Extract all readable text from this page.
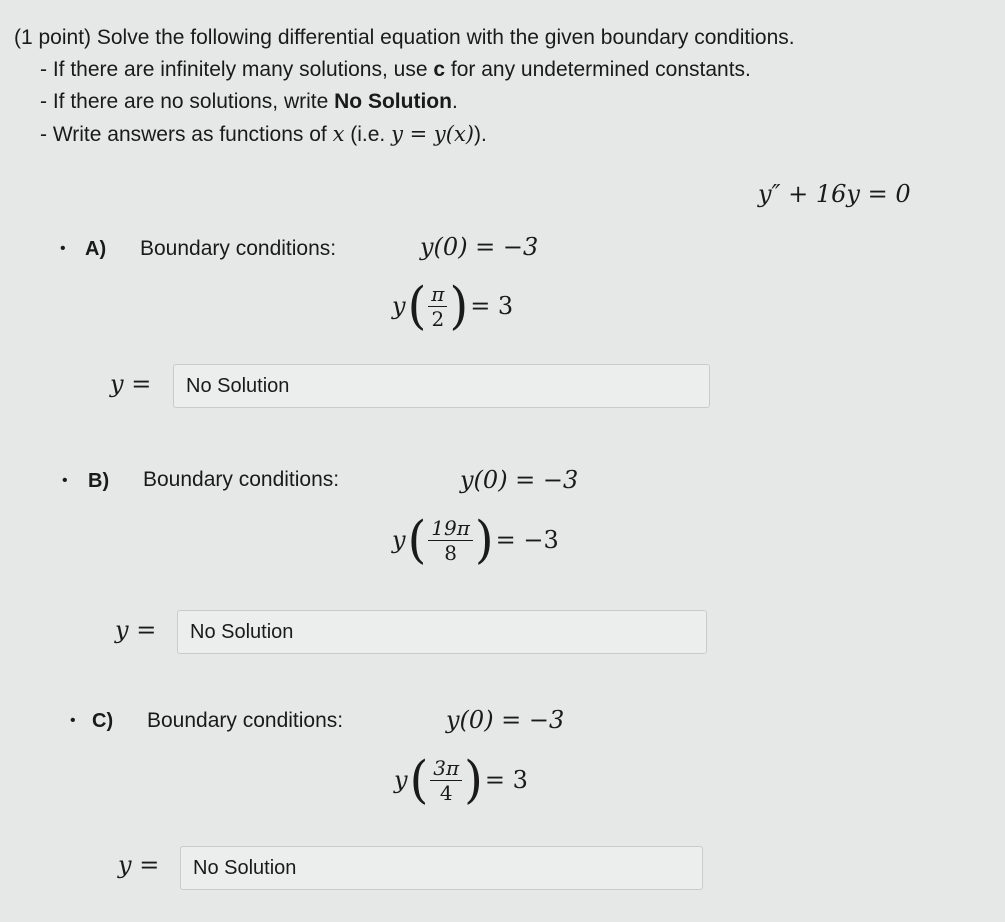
(1 point) Solve the following differential equation with the given boundary conditions.
- If there are infinitely many solutions, use c for any undetermined constants.
- If there are no solutions, write No Solution.
- Write answers as functions of x (i.e. y = y(x)).
y″ + 16y = 0
• A) Boundary conditions:	y(0) = −3
y ( $\frac{\pi}{2}$ ) = 3
y =	No Solution
• B) Boundary conditions:	y(0) = −3
y ( $\frac{19\pi}{8}$ ) = −3
y =	No Solution
• C) Boundary conditions:	y(0) = −3
y ( $\frac{3\pi}{4}$ ) = 3
y =	No Solution
